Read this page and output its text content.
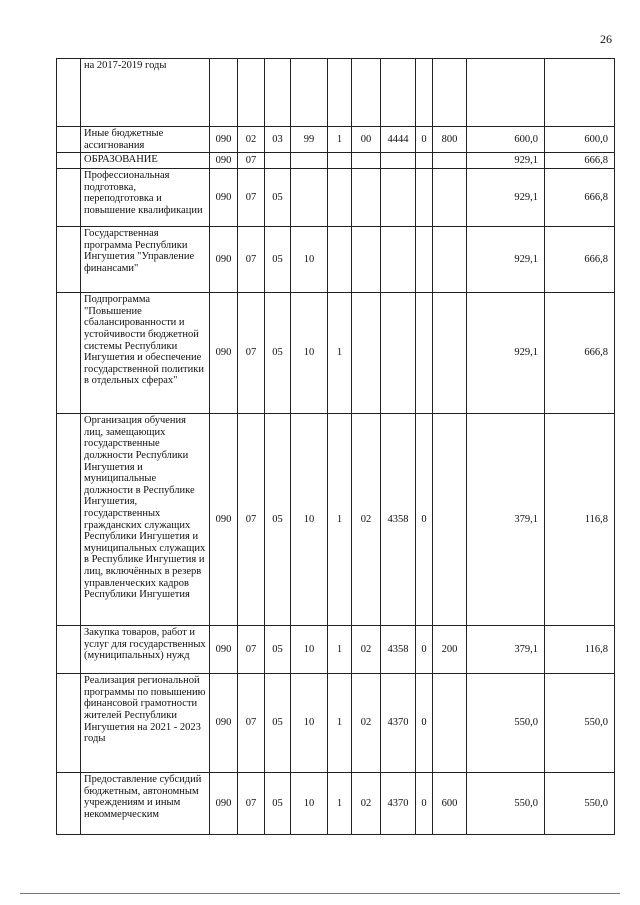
26
	на 2017-2019 годы											
	Иные бюджетные ассигнования	090	02	03	99	1	00	4444	0	800	600,0	600,0
	ОБРАЗОВАНИЕ	090	07								929,1	666,8
	Профессиональная подготовка, переподготовка и повышение квалификации	090	07	05							929,1	666,8
	Государственная программа Республики Ингушетия "Управление финансами"	090	07	05	10						929,1	666,8
	Подпрограмма "Повышение сбалансированности и устойчивости бюджетной системы Республики Ингушетия и обеспечение государственной политики в отдельных сферах"	090	07	05	10	1					929,1	666,8
	Организация обучения лиц, замещающих государственные должности Республики Ингушетия и муниципальные должности в Республике Ингушетия, государственных гражданских служащих Республики Ингушетия и муниципальных служащих в Республике Ингушетия и лиц, включённых в резерв управленческих кадров Республики Ингушетия	090	07	05	10	1	02	4358	0		379,1	116,8
	Закупка товаров, работ и услуг для государственных (муниципальных) нужд	090	07	05	10	1	02	4358	0	200	379,1	116,8
	Реализация региональной программы по повышению финансовой грамотности жителей Республики Ингушетия на 2021 - 2023 годы	090	07	05	10	1	02	4370	0		550,0	550,0
	Предоставление субсидий бюджетным, автономным учреждениям и иным некоммерческим	090	07	05	10	1	02	4370	0	600	550,0	550,0
